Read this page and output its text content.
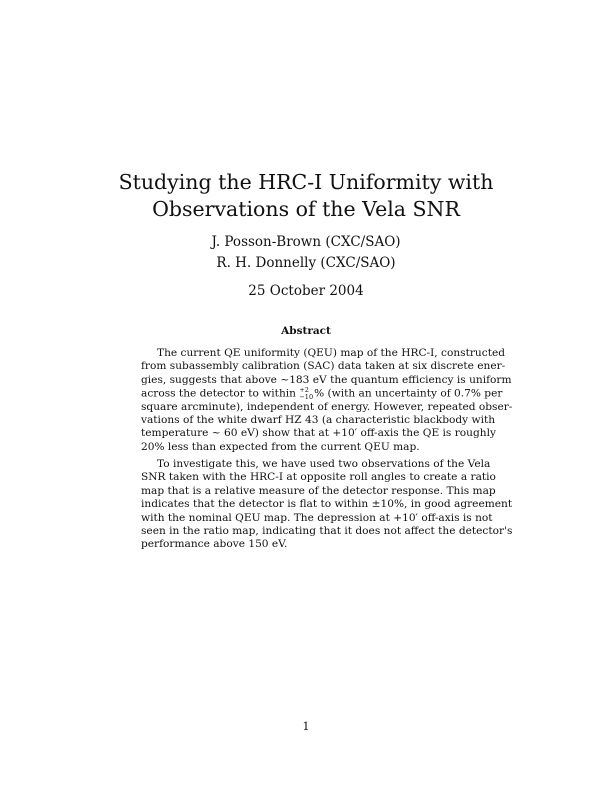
Studying the HRC-I Uniformity with
Observations of the Vela SNR
J. Posson-Brown (CXC/SAO)
R. H. Donnelly (CXC/SAO)
25 October 2004
Abstract
The current QE uniformity (QEU) map of the HRC-I, constructed
from subassembly calibration (SAC) data taken at six discrete ener-
gies, suggests that above ~183 eV the quantum efficiency is uniform
across the detector to within +2
−10% (with an uncertainty of 0.7% per
square arcminute), independent of energy. However, repeated obser-
vations of the white dwarf HZ 43 (a characteristic blackbody with
temperature ~ 60 eV) show that at +10′ off-axis the QE is roughly
20% less than expected from the current QEU map.
To investigate this, we have used two observations of the Vela
SNR taken with the HRC-I at opposite roll angles to create a ratio
map that is a relative measure of the detector response. This map
indicates that the detector is flat to within ±10%, in good agreement
with the nominal QEU map. The depression at +10′ off-axis is not
seen in the ratio map, indicating that it does not affect the detector's
performance above 150 eV.
1
